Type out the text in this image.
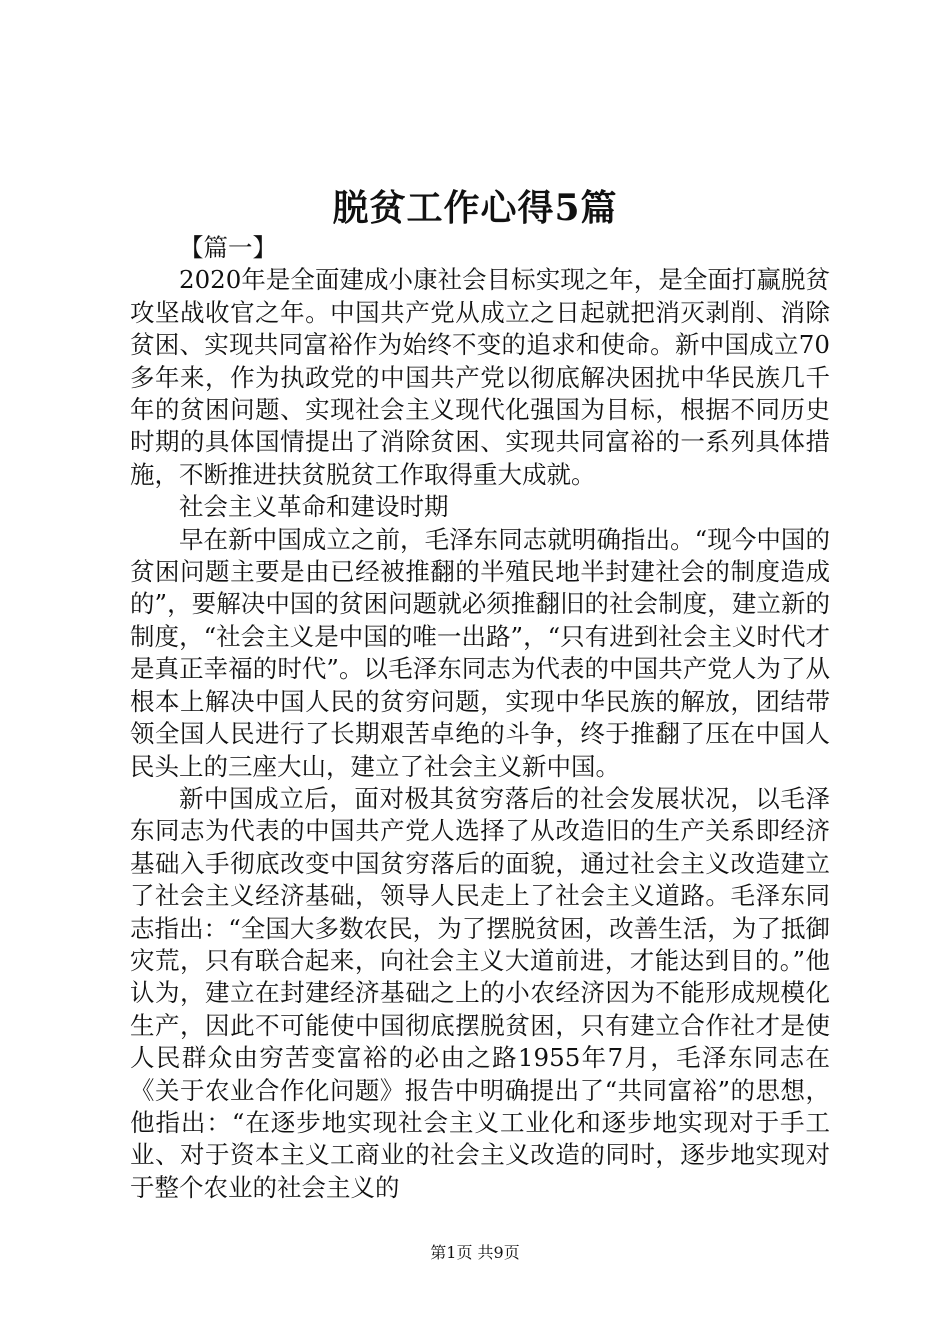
脱贫工作心得5篇

【篇一】

2020年是全面建成小康社会目标实现之年，是全面打赢脱贫攻坚战收官之年。中国共产党从成立之日起就把消灭剥削、消除贫困、实现共同富裕作为始终不变的追求和使命。新中国成立70多年来，作为执政党的中国共产党以彻底解决困扰中华民族几千年的贫困问题、实现社会主义现代化强国为目标，根据不同历史时期的具体国情提出了消除贫困、实现共同富裕的一系列具体措施，不断推进扶贫脱贫工作取得重大成就。

社会主义革命和建设时期

早在新中国成立之前，毛泽东同志就明确指出。“现今中国的贫困问题主要是由已经被推翻的半殖民地半封建社会的制度造成的”，要解决中国的贫困问题就必须推翻旧的社会制度，建立新的制度，“社会主义是中国的唯一出路”，“只有进到社会主义时代才是真正幸福的时代”。以毛泽东同志为代表的中国共产党人为了从根本上解决中国人民的贫穷问题，实现中华民族的解放，团结带领全国人民进行了长期艰苦卓绝的斗争，终于推翻了压在中国人民头上的三座大山，建立了社会主义新中国。

新中国成立后，面对极其贫穷落后的社会发展状况，以毛泽东同志为代表的中国共产党人选择了从改造旧的生产关系即经济基础入手彻底改变中国贫穷落后的面貌，通过社会主义改造建立了社会主义经济基础，领导人民走上了社会主义道路。毛泽东同志指出：“全国大多数农民，为了摆脱贫困，改善生活，为了抵御灾荒，只有联合起来，向社会主义大道前进，才能达到目的。”他认为，建立在封建经济基础之上的小农经济因为不能形成规模化生产，因此不可能使中国彻底摆脱贫困，只有建立合作社才是使人民群众由穷苦变富裕的必由之路1955年7月，毛泽东同志在《关于农业合作化问题》报告中明确提出了“共同富裕”的思想，他指出：“在逐步地实现社会主义工业化和逐步地实现对于手工业、对于资本主义工商业的社会主义改造的同时，逐步地实现对于整个农业的社会主义的

第1页 共9页
